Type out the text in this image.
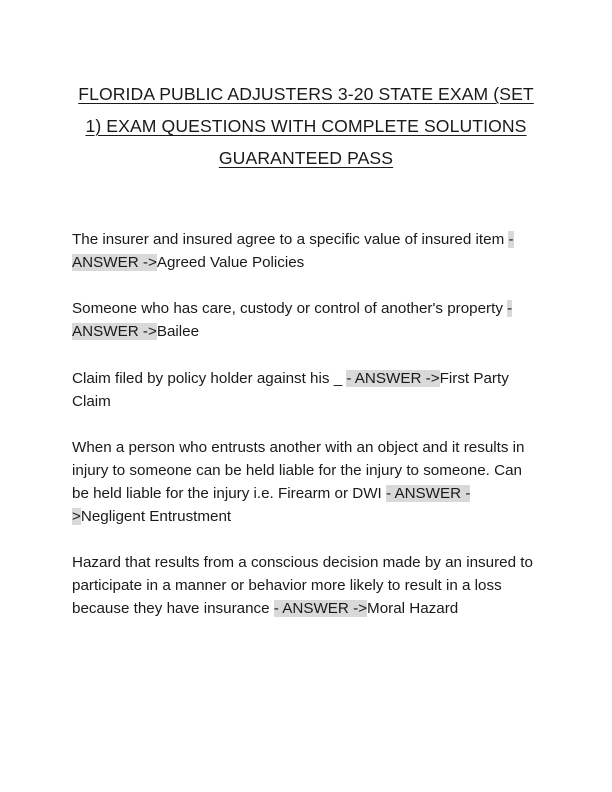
FLORIDA PUBLIC ADJUSTERS 3-20 STATE EXAM (SET
1) EXAM QUESTIONS WITH COMPLETE SOLUTIONS
GUARANTEED PASS

The insurer and insured agree to a specific value of insured item - ANSWER ->Agreed Value Policies

Someone who has care, custody or control of another's property - ANSWER ->Bailee

Claim filed by policy holder against his _ - ANSWER ->First Party Claim

When a person who entrusts another with an object and it results in injury to someone can be held liable for the injury to someone. Can be held liable for the injury i.e. Firearm or DWI - ANSWER ->Negligent Entrustment

Hazard that results from a conscious decision made by an insured to participate in a manner or behavior more likely to result in a loss because they have insurance - ANSWER ->Moral Hazard
